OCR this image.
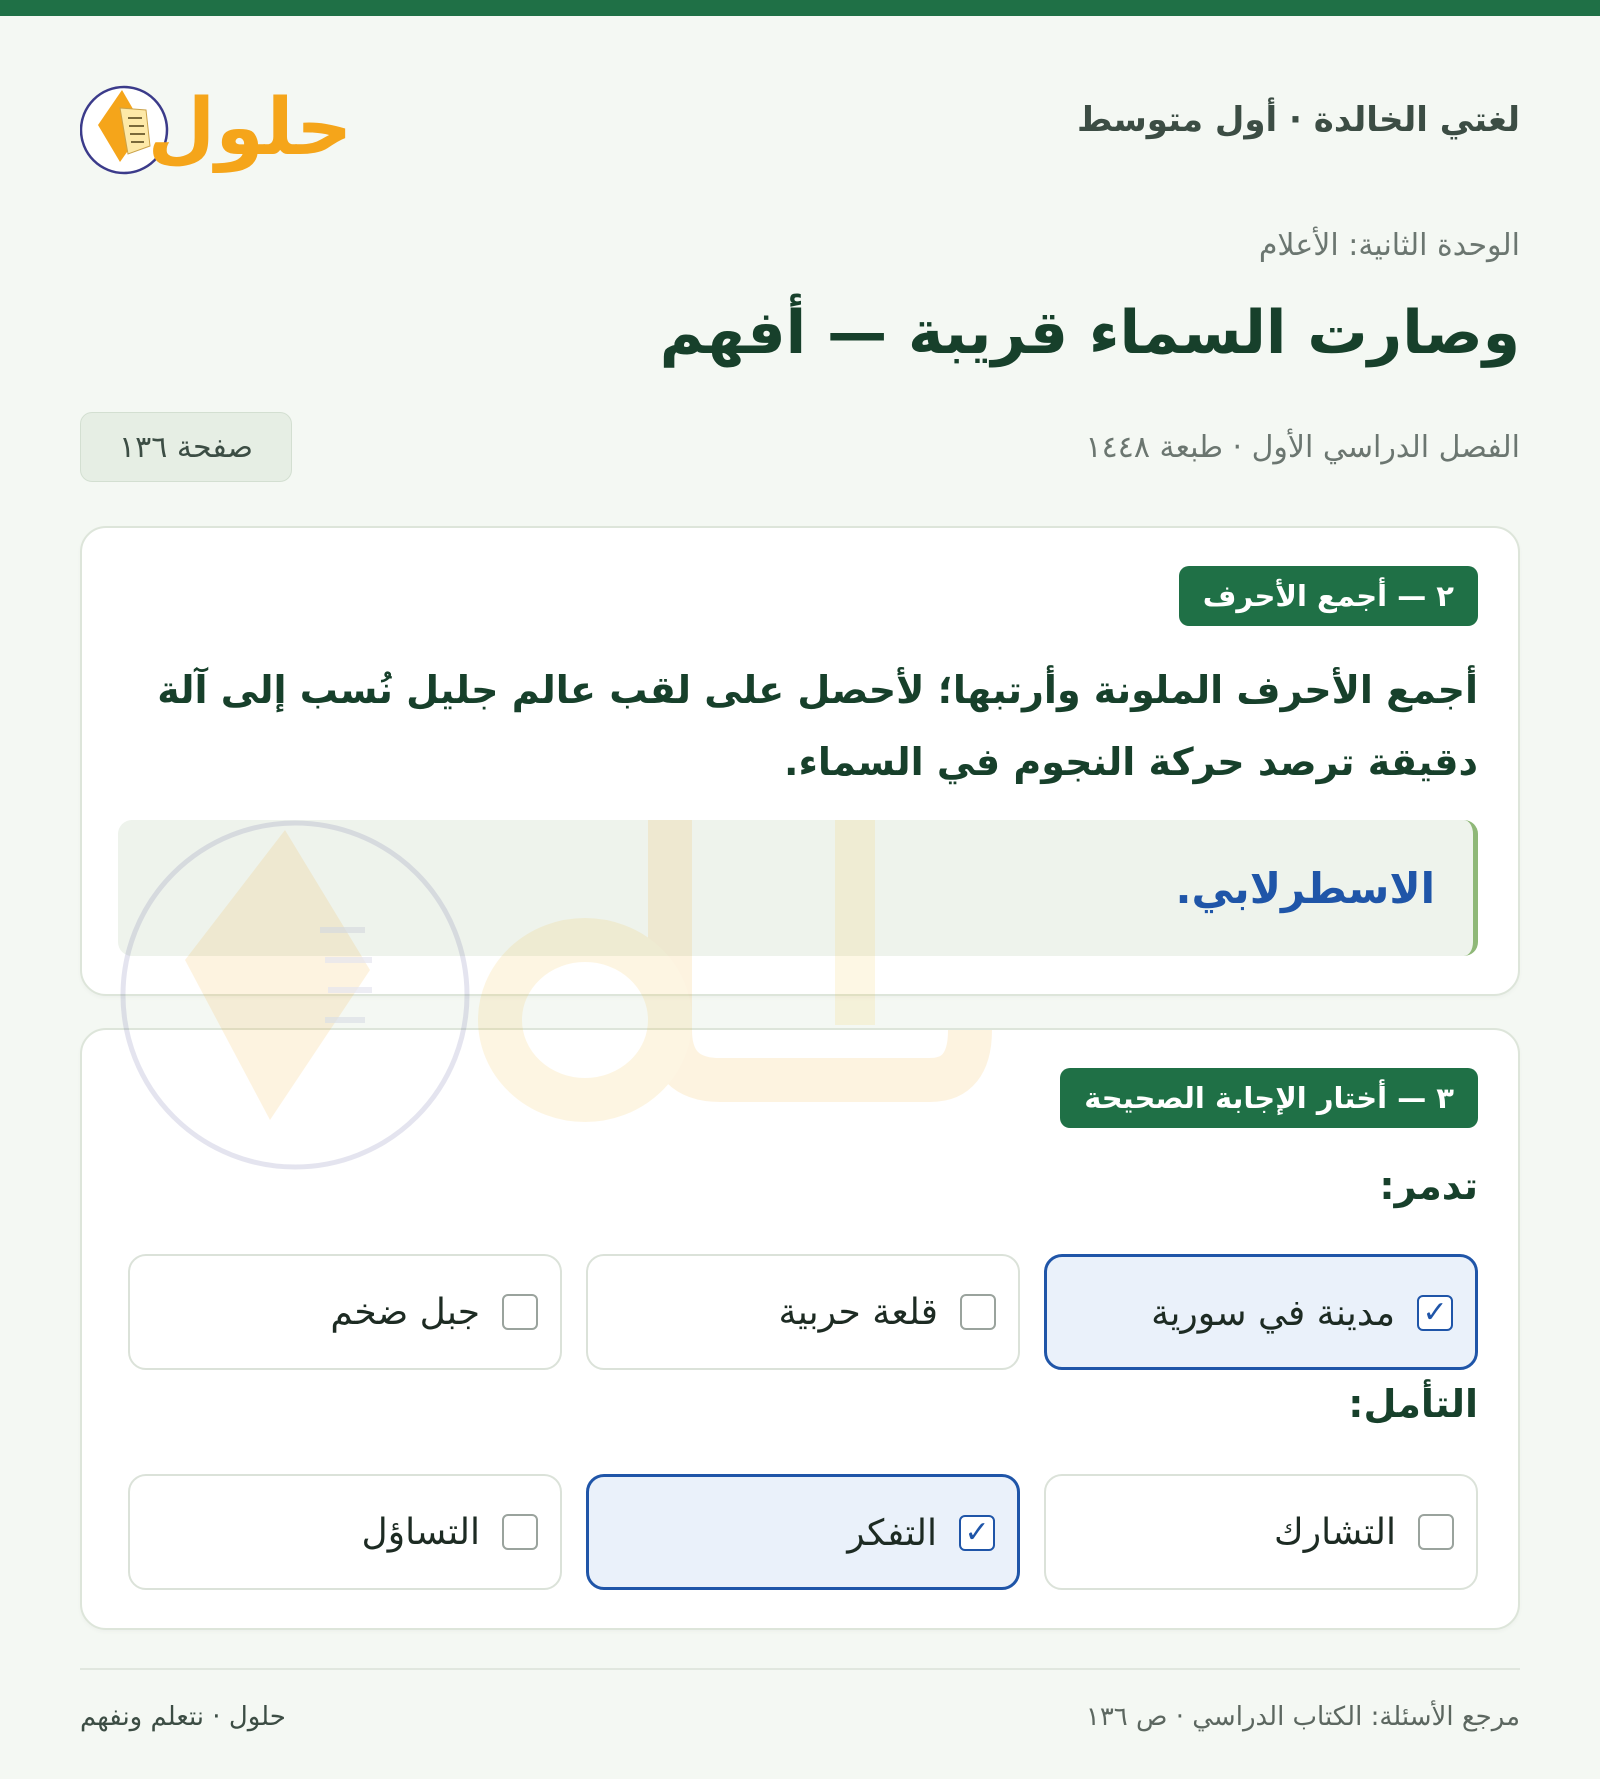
لغتي الخالدة · أول متوسط
حلول
الوحدة الثانية: الأعلام
وصارت السماء قريبة — أفهم
الفصل الدراسي الأول · طبعة ١٤٤٨
صفحة ١٣٦
٢ — أجمع الأحرف
أجمع الأحرف الملونة وأرتبها؛ لأحصل على لقب عالم جليل نُسب إلى آلة دقيقة ترصد حركة النجوم في السماء.
الاسطرلابي.
٣ — أختار الإجابة الصحيحة
تدمر:
✓
مدينة في سورية
قلعة حربية
جبل ضخم
التأمل:
التشارك
✓
التفكر
التساؤل
مرجع الأسئلة: الكتاب الدراسي · ص ١٣٦
حلول · نتعلم ونفهم
